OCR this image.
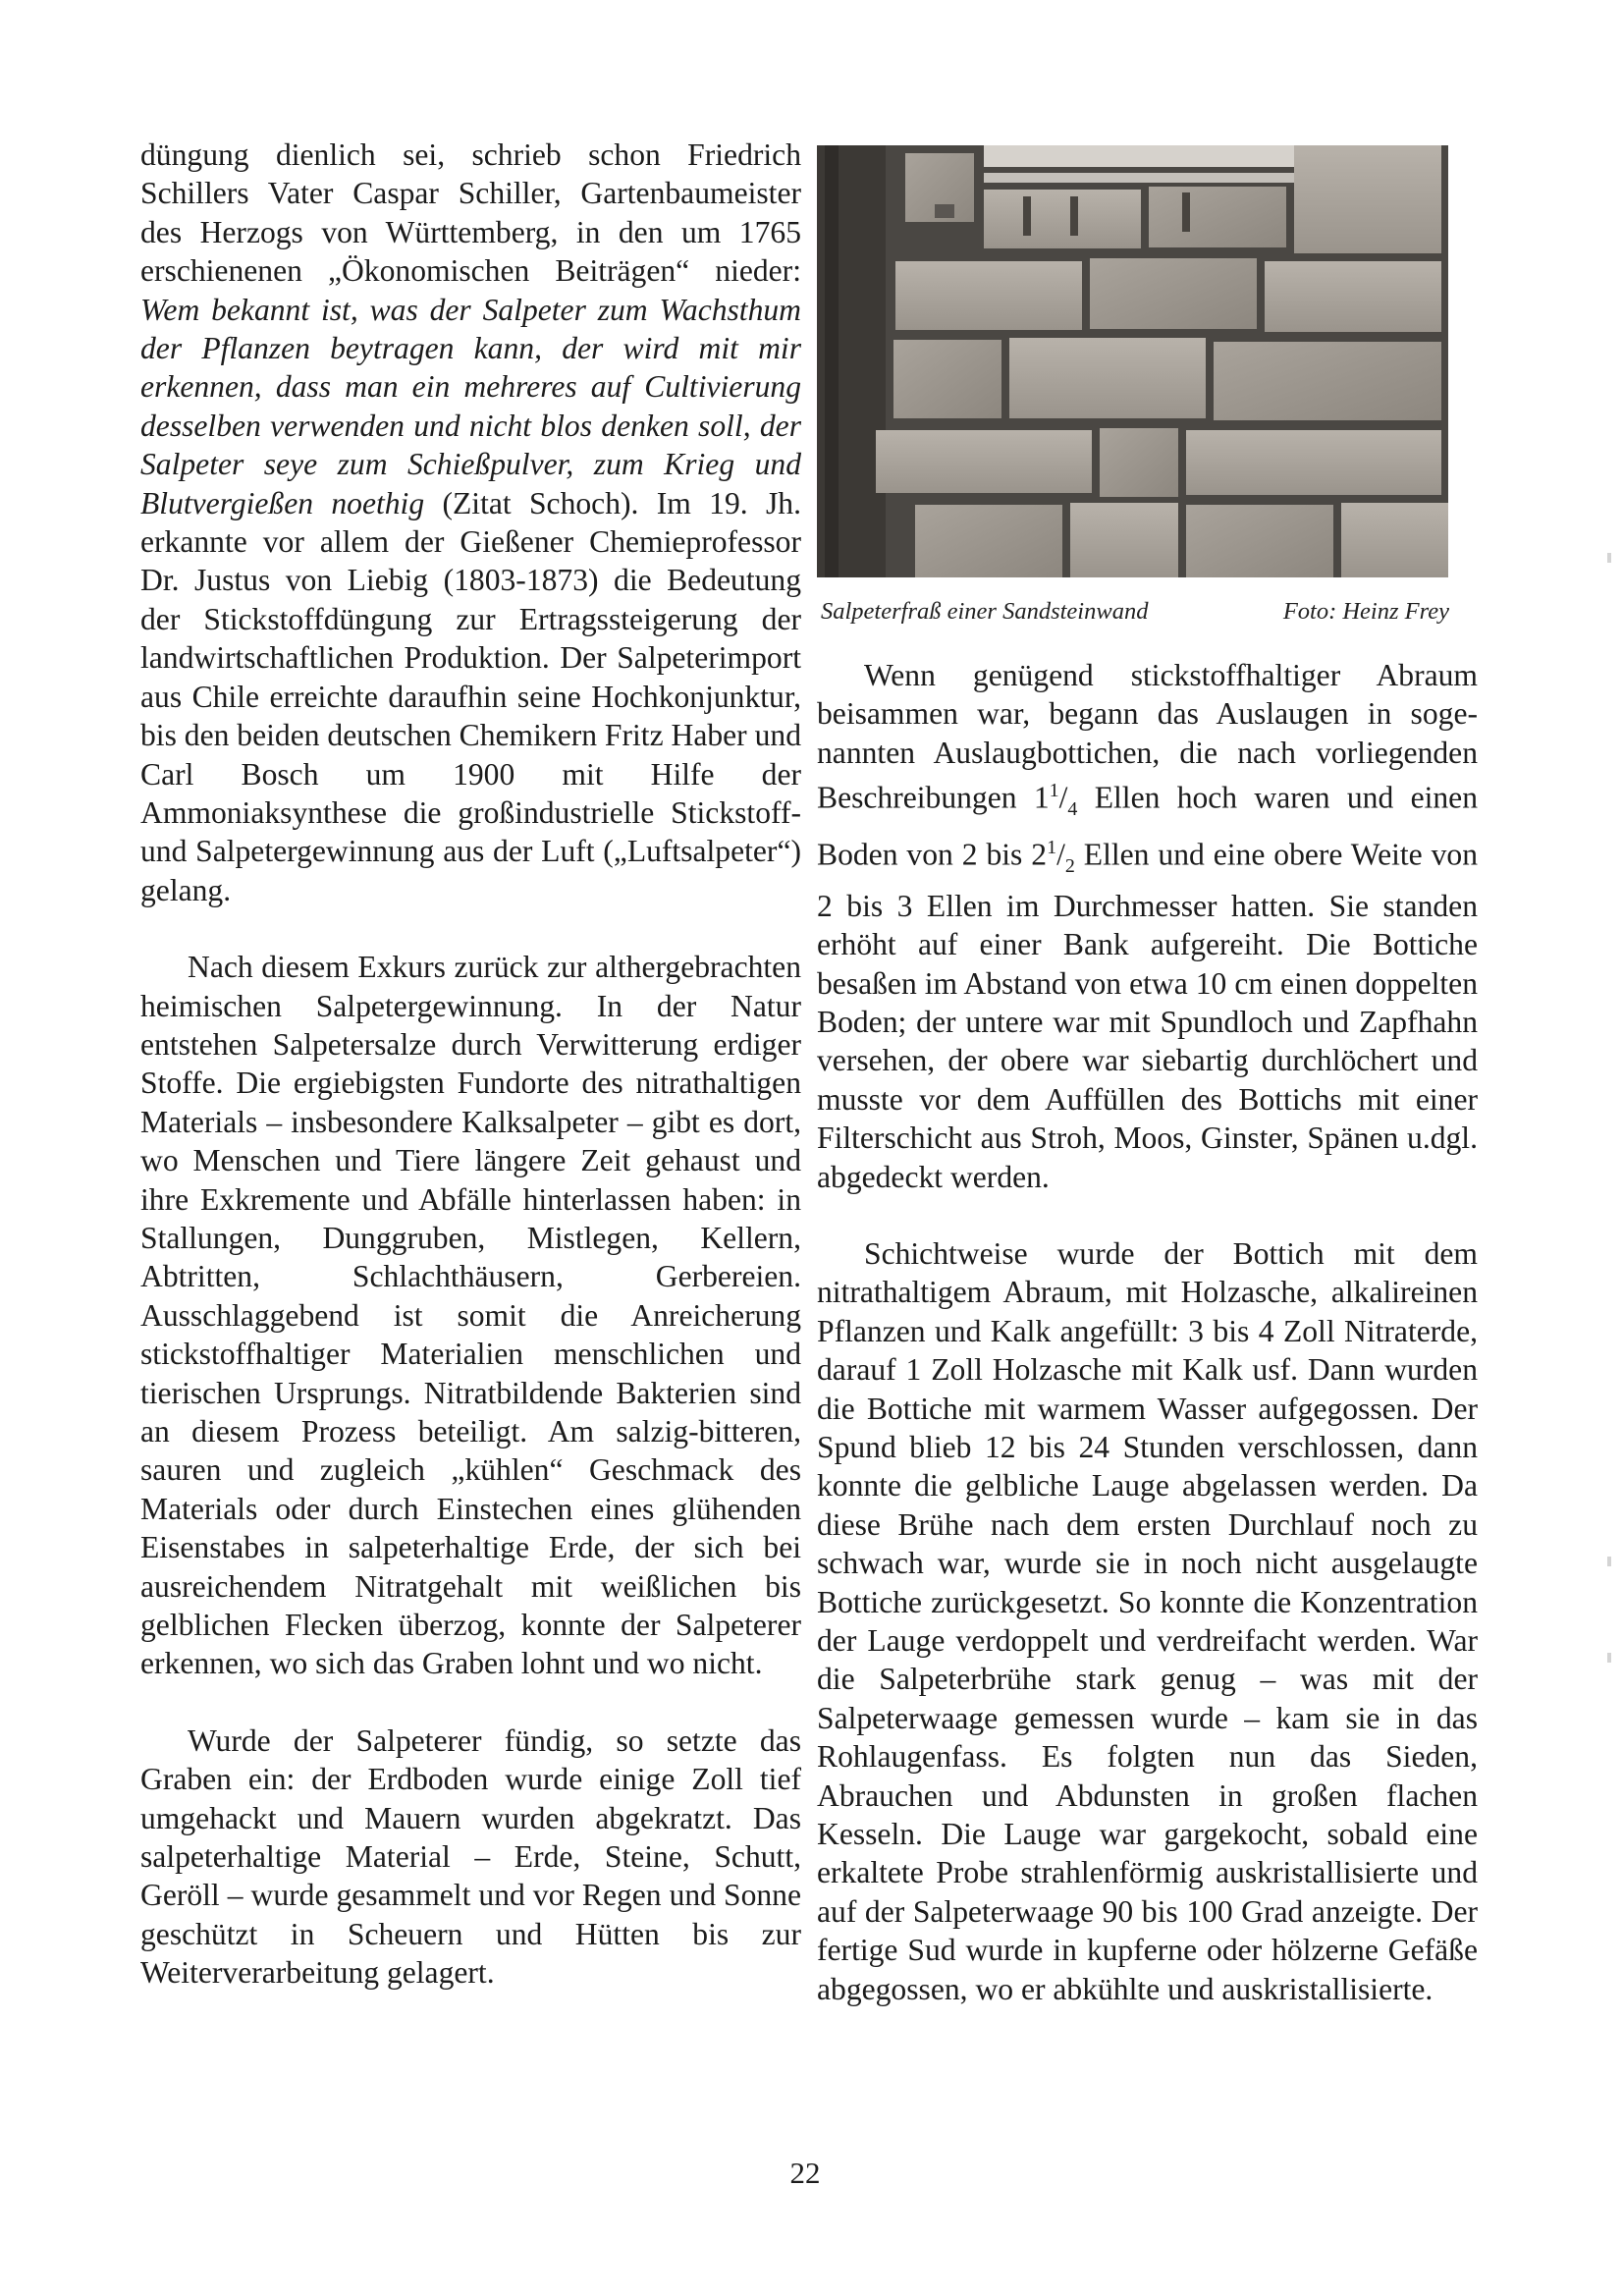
düngung dienlich sei, schrieb schon Friedrich Schillers Vater Caspar Schiller, Gartenbaumeister des Herzogs von Württemberg, in den um 1765 erschienenen „Ökonomischen Beiträgen“ nieder: Wem bekannt ist, was der Salpeter zum Wachsthum der Pflanzen beytragen kann, der wird mit mir erkennen, dass man ein mehreres auf Cultivierung desselben verwenden und nicht blos denken soll, der Salpeter seye zum Schießpulver, zum Krieg und Blutvergießen noethig (Zitat Schoch). Im 19. Jh. erkannte vor allem der Gießener Chemieprofessor Dr. Justus von Liebig (1803-1873) die Bedeutung der Stickstoffdüngung zur Ertragssteigerung der landwirtschaftlichen Produktion. Der Salpeterimport aus Chile erreichte daraufhin seine Hochkonjunktur, bis den beiden deutschen Chemikern Fritz Haber und Carl Bosch um 1900 mit Hilfe der Ammoniaksynthese die großindustrielle Stickstoff- und Salpetergewinnung aus der Luft („Luftsalpeter“) gelang.

Nach diesem Exkurs zurück zur althergebrachten heimischen Salpetergewinnung. In der Natur entstehen Salpetersalze durch Verwitterung erdiger Stoffe. Die ergiebigsten Fundorte des nitrathaltigen Materials – insbesondere Kalksalpeter – gibt es dort, wo Menschen und Tiere längere Zeit gehaust und ihre Exkremente und Abfälle hinterlassen haben: in Stallungen, Dunggruben, Mistlegen, Kellern, Abtritten, Schlachthäusern, Gerbereien. Ausschlaggebend ist somit die Anreicherung stickstoffhaltiger Materialien menschlichen und tierischen Ursprungs. Nitratbildende Bakterien sind an diesem Prozess beteiligt. Am salzig-bitteren, sauren und zugleich „kühlen“ Geschmack des Materials oder durch Einstechen eines glühenden Eisenstabes in salpeterhaltige Erde, der sich bei ausreichendem Nitratgehalt mit weißlichen bis gelblichen Flecken überzog, konnte der Salpeterer erkennen, wo sich das Graben lohnt und wo nicht.

Wurde der Salpeterer fündig, so setzte das Graben ein: der Erdboden wurde einige Zoll tief umgehackt und Mauern wurden abgekratzt. Das salpeterhaltige Material – Erde, Steine, Schutt, Geröll – wurde gesammelt und vor Regen und Sonne geschützt in Scheuern und Hütten bis zur Weiterverarbeitung gelagert.

Salpeterfraß einer Sandsteinwand	Foto: Heinz Frey

Wenn genügend stickstoffhaltiger Abraum beisammen war, begann das Auslaugen in sogenannten Auslaugbottichen, die nach vorliegenden Beschreibungen $1^1/_4$ Ellen hoch waren und einen Boden von 2 bis $2^1/_2$ Ellen und eine obere Weite von 2 bis 3 Ellen im Durchmesser hatten. Sie standen erhöht auf einer Bank aufgereiht. Die Bottiche besaßen im Abstand von etwa 10 cm einen doppelten Boden; der untere war mit Spundloch und Zapfhahn versehen, der obere war siebartig durchlöchert und musste vor dem Auffüllen des Bottichs mit einer Filterschicht aus Stroh, Moos, Ginster, Spänen u.dgl. abgedeckt werden.

Schichtweise wurde der Bottich mit dem nitrathaltigem Abraum, mit Holzasche, alkalireinen Pflanzen und Kalk angefüllt: 3 bis 4 Zoll Nitraterde, darauf 1 Zoll Holzasche mit Kalk usf. Dann wurden die Bottiche mit warmem Wasser aufgegossen. Der Spund blieb 12 bis 24 Stunden verschlossen, dann konnte die gelbliche Lauge abgelassen werden. Da diese Brühe nach dem ersten Durchlauf noch zu schwach war, wurde sie in noch nicht ausgelaugte Bottiche zurückgesetzt. So konnte die Konzentration der Lauge verdoppelt und verdreifacht werden. War die Salpeterbrühe stark genug – was mit der Salpeterwaage gemessen wurde – kam sie in das Rohlaugenfass. Es folgten nun das Sieden, Abrauchen und Abdunsten in großen flachen Kesseln. Die Lauge war gargekocht, sobald eine erkaltete Probe strahlenförmig auskristallisierte und auf der Salpeterwaage 90 bis 100 Grad anzeigte. Der fertige Sud wurde in kupferne oder hölzerne Gefäße abgegossen, wo er abkühlte und auskristallisierte.

22
